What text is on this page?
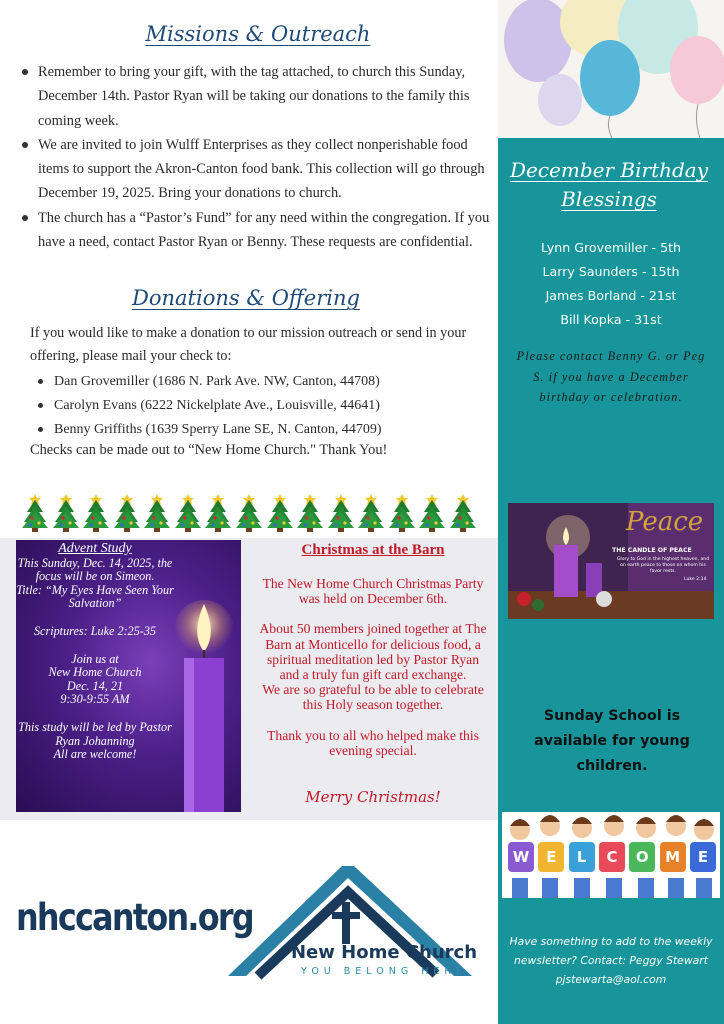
Missions & Outreach
Remember to bring your gift, with the tag attached, to church this Sunday, December 14th. Pastor Ryan will be taking our donations to the family this coming week.
We are invited to join Wulff Enterprises as they collect nonperishable food items to support the Akron-Canton food bank. This collection will go through December 19, 2025. Bring your donations to church.
The church has a “Pastor’s Fund” for any need within the congregation. If you have a need, contact Pastor Ryan or Benny. These requests are confidential.
Donations & Offering
If you would like to make a donation to our mission outreach or send in your offering, please mail your check to:
Dan Grovemiller (1686 N. Park Ave. NW, Canton, 44708)
Carolyn Evans (6222 Nickelplate Ave., Louisville, 44641)
Benny Griffiths (1639 Sperry Lane SE, N. Canton, 44709)
Checks can be made out to “New Home Church." Thank You!
Advent Study
This Sunday, Dec. 14, 2025, the focus will be on Simeon.
Title: “My Eyes Have Seen Your Salvation”
Scriptures: Luke 2:25-35
Join us at
New Home Church
Dec. 14, 21
9:30-9:55 AM
This study will be led by Pastor Ryan Johanning
All are welcome!
Christmas at the Barn

The New Home Church Christmas Party was held on December 6th.

About 50 members joined together at The Barn at Monticello for delicious food, a spiritual meditation led by Pastor Ryan and a truly fun gift card exchange.

We are so grateful to be able to celebrate this Holy season together.

Thank you to all who helped make this evening special.

Merry Christmas!
nhccanton.org
New Home Church
YOU BELONG HERE
December Birthday Blessings
Lynn Grovemiller - 5th
Larry Saunders - 15th
James Borland - 21st
Bill Kopka - 31st
Please contact Benny G. or Peg S. if you have a December birthday or celebration.
Peace
THE CANDLE OF PEACE
Glory to God in the highest heaven, and on earth peace to those on whom his favor rests.
Luke 2:14
Sunday School is available for young children.
W	E	L	C	O	M	E
Have something to add to the weekly newsletter? Contact: Peggy Stewart pjstewarta@aol.com
